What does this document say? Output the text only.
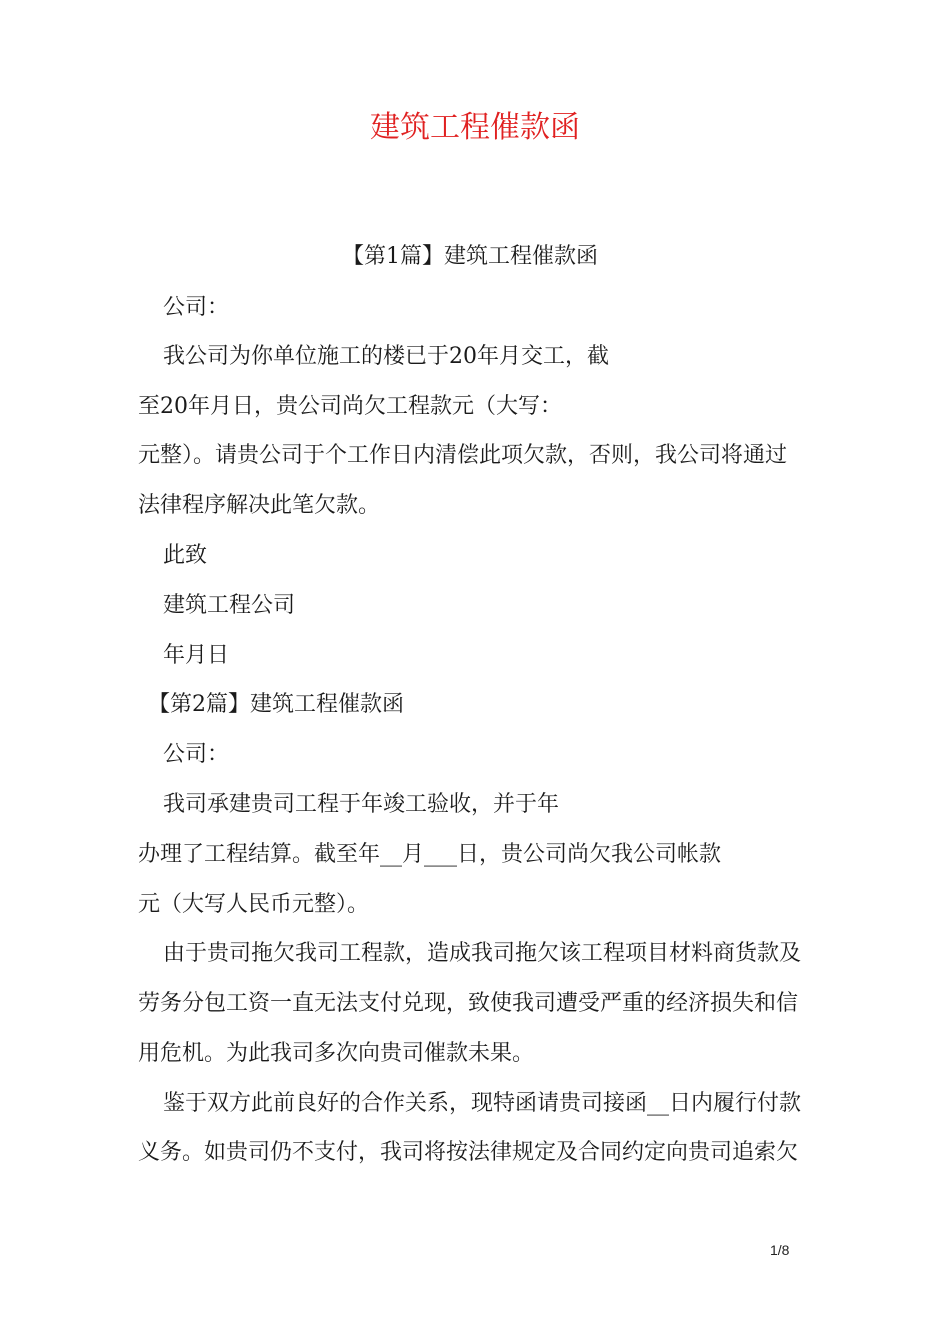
建筑工程催款函
【第1篇】建筑工程催款函
公司：
我公司为你单位施工的楼已于20年月交工，截
至20年月日，贵公司尚欠工程款元（大写：
元整）。请贵公司于个工作日内清偿此项欠款，否则，我公司将通过
法律程序解决此笔欠款。
此致
建筑工程公司
年月日
【第2篇】建筑工程催款函
公司：
我司承建贵司工程于年竣工验收，并于年
办理了工程结算。截至年__月___日，贵公司尚欠我公司帐款
元（大写人民币元整）。
由于贵司拖欠我司工程款，造成我司拖欠该工程项目材料商货款及
劳务分包工资一直无法支付兑现，致使我司遭受严重的经济损失和信
用危机。为此我司多次向贵司催款未果。
鉴于双方此前良好的合作关系，现特函请贵司接函__日内履行付款
义务。如贵司仍不支付，我司将按法律规定及合同约定向贵司追索欠
1/8
